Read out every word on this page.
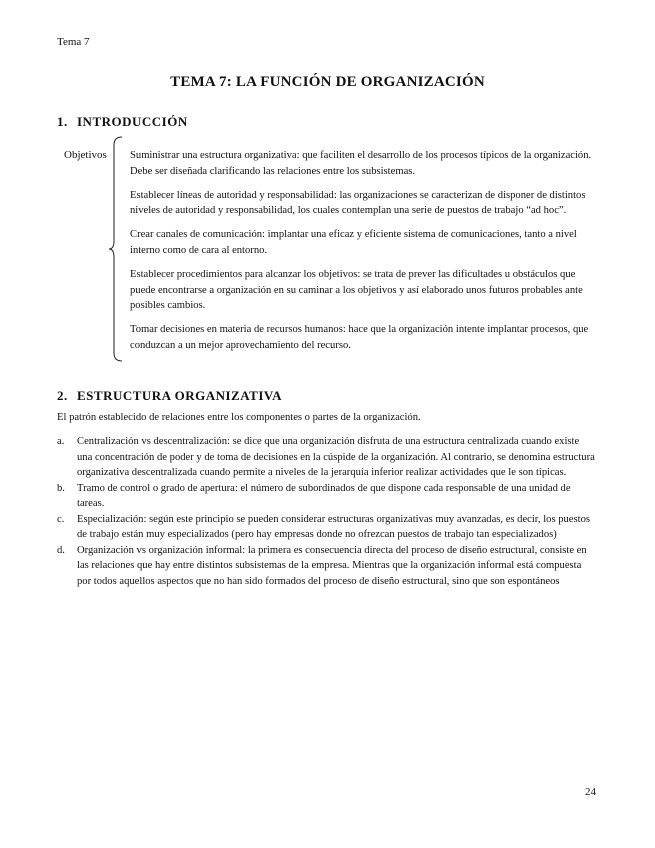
Tema 7
TEMA 7: LA FUNCIÓN DE ORGANIZACIÓN
1. INTRODUCCIÓN
Objetivos Suministrar una estructura organizativa: que faciliten el desarrollo de los procesos típicos de la organización. Debe ser diseñada clarificando las relaciones entre los subsistemas.

Establecer líneas de autoridad y responsabilidad: las organizaciones se caracterizan de disponer de distintos niveles de autoridad y responsabilidad, los cuales contemplan una serie de puestos de trabajo “ad hoc”.

Crear canales de comunicación: implantar una eficaz y eficiente sistema de comunicaciones, tanto a nivel interno como de cara al entorno.

Establecer procedimientos para alcanzar los objetivos: se trata de prever las dificultades u obstáculos que puede encontrarse a organización en su caminar a los objetivos y así elaborado unos futuros probables ante posibles cambios.

Tomar decisiones en materia de recursos humanos: hace que la organización intente implantar procesos, que conduzcan a un mejor aprovechamiento del recurso.

2. ESTRUCTURA ORGANIZATIVA
El patrón establecido de relaciones entre los componentes o partes de la organización.

a. Centralización vs descentralización: se dice que una organización disfruta de una estructura centralizada cuando existe una concentración de poder y de toma de decisiones en la cúspide de la organización. Al contrario, se denomina estructura organizativa descentralizada cuando permite a niveles de la jerarquía inferior realizar actividades que le son típicas.

b. Tramo de control o grado de apertura: el número de subordinados de que dispone cada responsable de una unidad de tareas.

c. Especialización: según este principio se pueden considerar estructuras organizativas muy avanzadas, es decir, los puestos de trabajo están muy especializados (pero hay empresas donde no ofrezcan puestos de trabajo tan especializados)

d. Organización vs organización informal: la primera es consecuencia directa del proceso de diseño estructural, consiste en las relaciones que hay entre distintos subsistemas de la empresa. Mientras que la organización informal está compuesta por todos aquellos aspectos que no han sido formados del proceso de diseño estructural, sino que son espontáneos

24
